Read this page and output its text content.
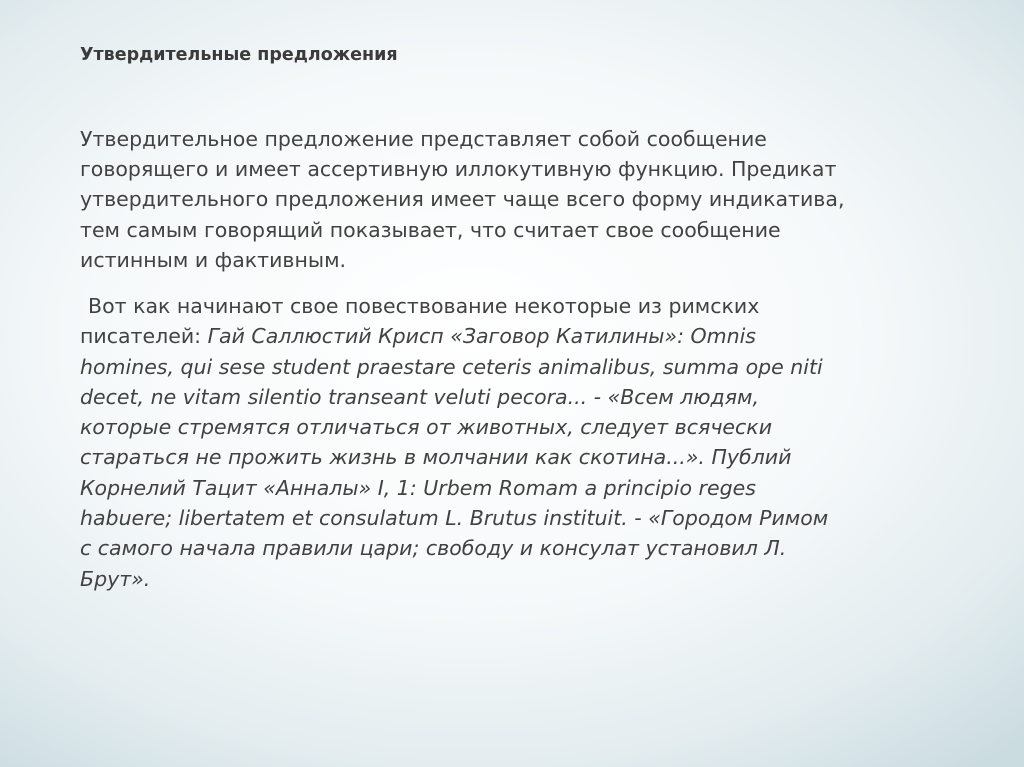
Утвердительные предложения
Утвердительное предложение представляет собой сообщение
говорящего и имеет ассертивную иллокутивную функцию. Предикат
утвердительного предложения имеет чаще всего форму индикатива,
тем самым говорящий показывает, что считает свое сообщение
истинным и фактивным.
Вот как начинают свое повествование некоторые из римских
писателей: Гай Саллюстий Крисп «Заговор Катилины»: Omnis
homines, qui sese student praestare ceteris animalibus, summa ope niti
decet, ne vitam silentio transeant veluti pecora... - «Всем людям,
которые стремятся отличаться от животных, следует всячески
стараться не прожить жизнь в молчании как скотина...». Публий
Корнелий Тацит «Анналы» I, 1: Urbem Romam a principio reges
habuere; libertatem et consulatum L. Brutus instituit. - «Городом Римом
с самого начала правили цари; свободу и консулат установил Л.
Брут».
